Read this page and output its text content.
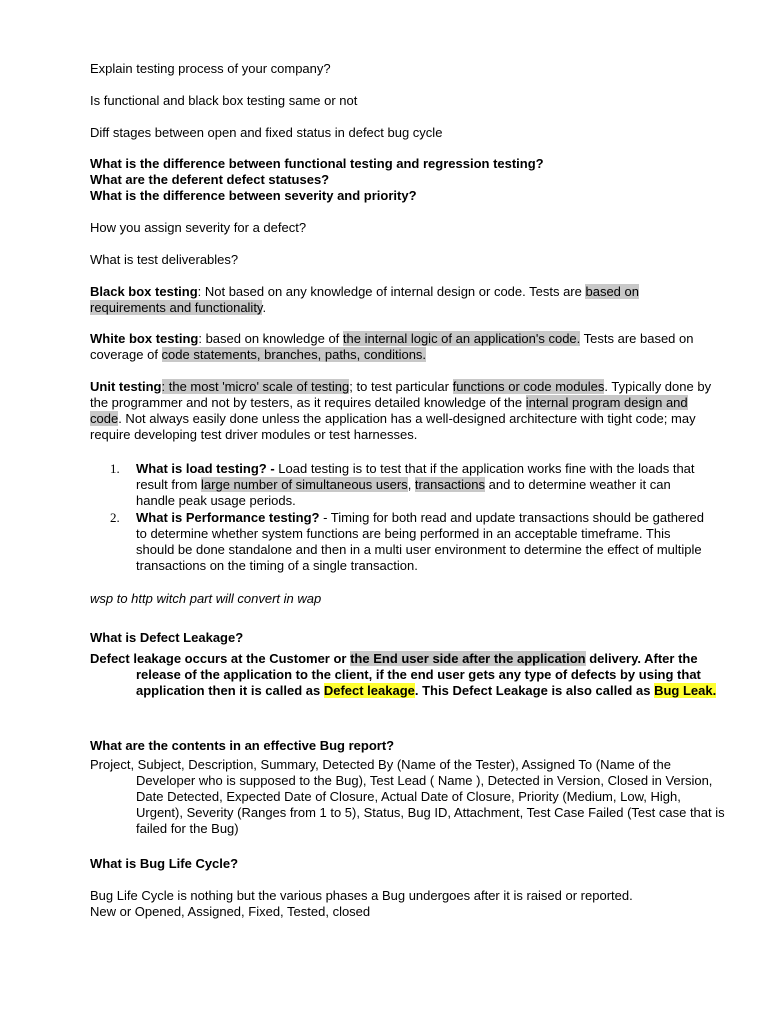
Explain testing process of your company?

Is functional and black box testing same or not

Diff stages between open and fixed status in defect bug cycle

What is the difference between functional testing and regression testing?
What are the deferent defect statuses?
What is the difference between severity and priority?

How you assign severity for a defect?

What is test deliverables?

Black box testing: Not based on any knowledge of internal design or code. Tests are based on requirements and functionality.

White box testing: based on knowledge of the internal logic of an application's code. Tests are based on coverage of code statements, branches, paths, conditions.

Unit testing: the most 'micro' scale of testing; to test particular functions or code modules. Typically done by the programmer and not by testers, as it requires detailed knowledge of the internal program design and code. Not always easily done unless the application has a well-designed architecture with tight code; may require developing test driver modules or test harnesses.

1. What is load testing? - Load testing is to test that if the application works fine with the loads that result from large number of simultaneous users, transactions and to determine weather it can handle peak usage periods.
2. What is Performance testing? - Timing for both read and update transactions should be gathered to determine whether system functions are being performed in an acceptable timeframe. This should be done standalone and then in a multi user environment to determine the effect of multiple transactions on the timing of a single transaction.

wsp to http witch part will convert in wap

What is Defect Leakage?

Defect leakage occurs at the Customer or the End user side after the application delivery. After the release of the application to the client, if the end user gets any type of defects by using that application then it is called as Defect leakage. This Defect Leakage is also called as Bug Leak.

What are the contents in an effective Bug report?

Project, Subject, Description, Summary, Detected By (Name of the Tester), Assigned To (Name of the Developer who is supposed to the Bug), Test Lead ( Name ), Detected in Version, Closed in Version, Date Detected, Expected Date of Closure, Actual Date of Closure, Priority (Medium, Low, High, Urgent), Severity (Ranges from 1 to 5), Status, Bug ID, Attachment, Test Case Failed (Test case that is failed for the Bug)

What is Bug Life Cycle?

Bug Life Cycle is nothing but the various phases a Bug undergoes after it is raised or reported.
New or Opened, Assigned, Fixed, Tested, closed
